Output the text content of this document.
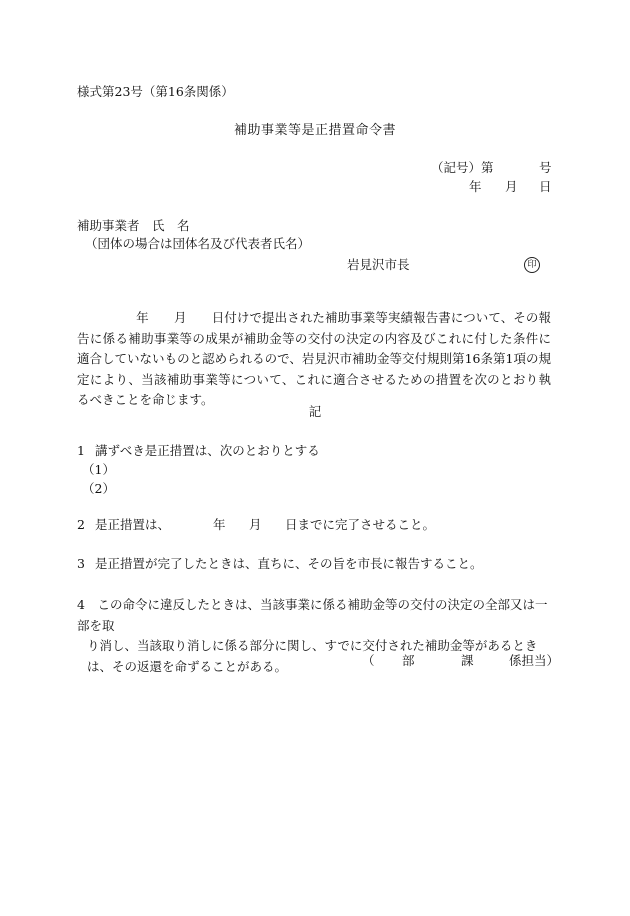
様式第23号（第16条関係）
補助事業等是正措置命令書
（記号） 第	号
年 月 日
補助事業者　氏　名
（団体の場合は団体名及び代表者氏名）
岩見沢市長	印
　　年　　月　　日付けで提出された補助事業等実績報告書について、その報告に係る補助事業等の成果が補助金等の交付の決定の内容及びこれに付した条件に適合していないものと認められるので、岩見沢市補助金等交付規則第16条第1項の規定により、当該補助事業等について、これに適合させるための措置を次のとおり執るべきことを命じます。
記
1 講ずべき是正措置は、次のとおりとする
（1）
（2）
2 是正措置は、	年 月 日までに完了させること。
3 是正措置が完了したときは、直ちに、その旨を市長に報告すること。
4　 この命令に違反したときは、当該事業に係る補助金等の交付の決定の全部又は一部を取
り消し、当該取り消しに係る部分に関し、すでに交付された補助金等があるときは、その返還を命ずることがある。	（ 部	課	係担当）
